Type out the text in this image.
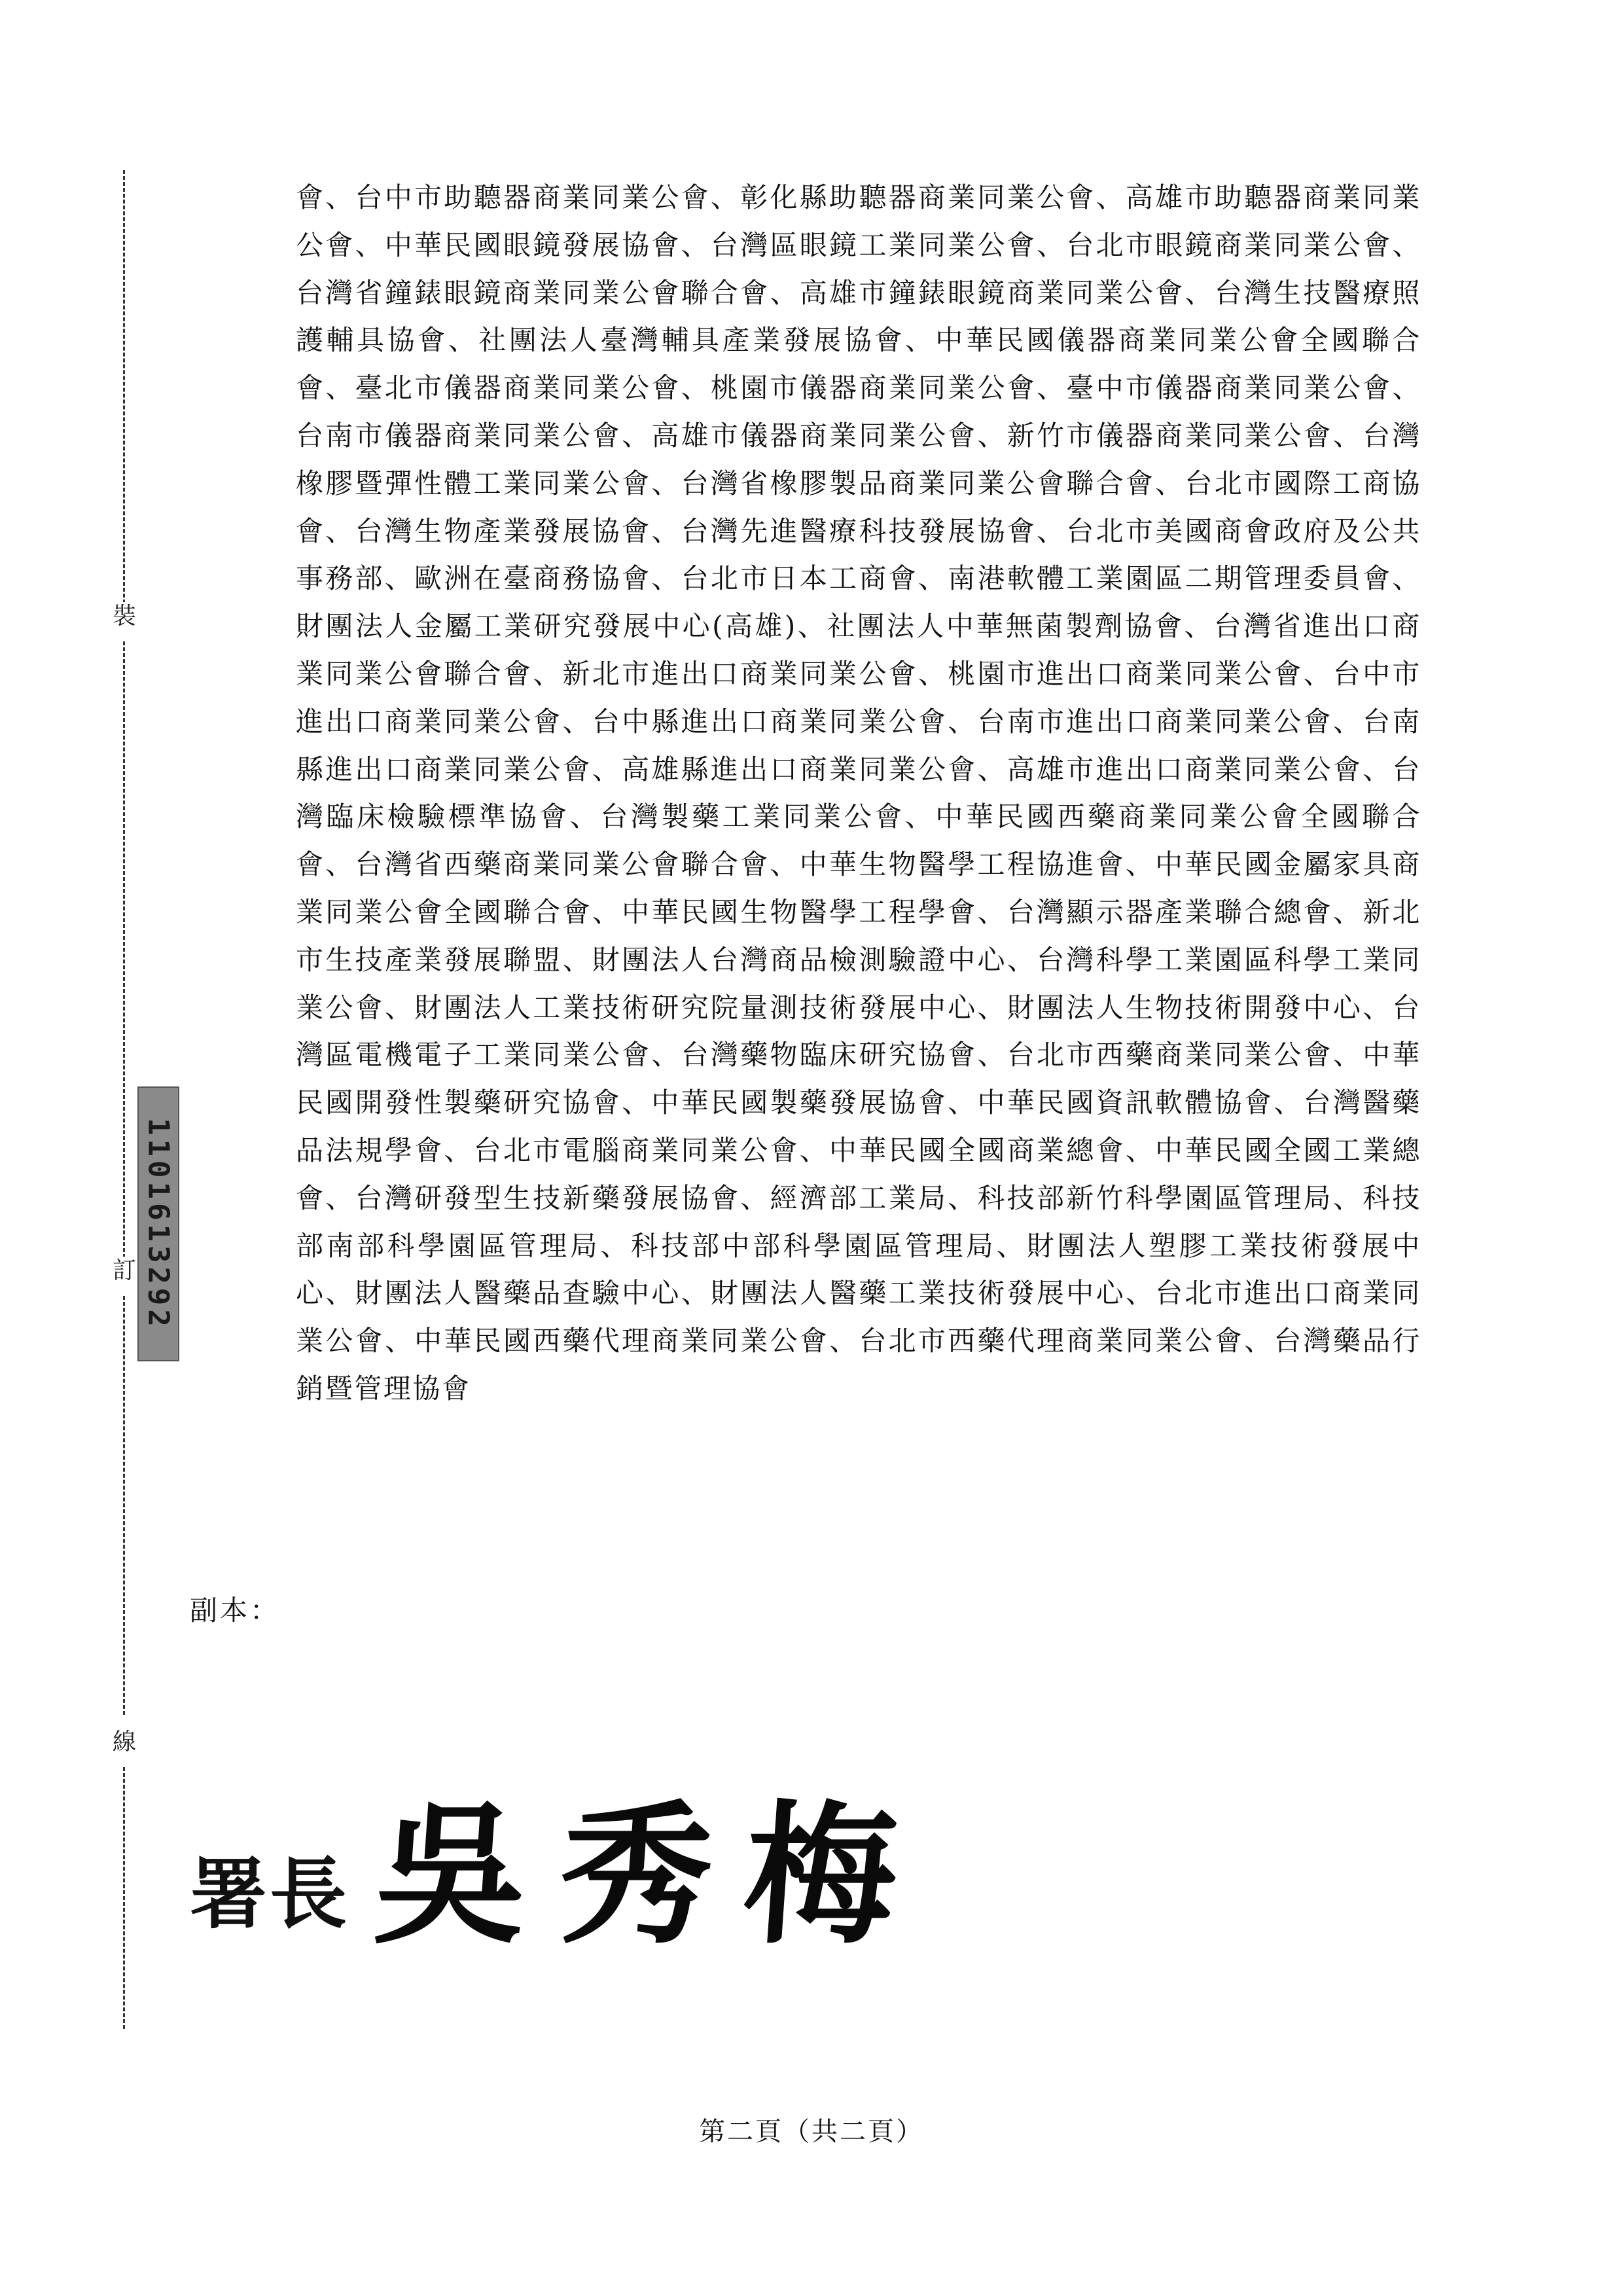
裝
訂
線
1101613292

會、台中市助聽器商業同業公會、彰化縣助聽器商業同業公會、高雄市助聽器商業同業公會、中華民國眼鏡發展協會、台灣區眼鏡工業同業公會、台北市眼鏡商業同業公會、台灣省鐘錶眼鏡商業同業公會聯合會、高雄市鐘錶眼鏡商業同業公會、台灣生技醫療照護輔具協會、社團法人臺灣輔具產業發展協會、中華民國儀器商業同業公會全國聯合會、臺北市儀器商業同業公會、桃園市儀器商業同業公會、臺中市儀器商業同業公會、台南市儀器商業同業公會、高雄市儀器商業同業公會、新竹市儀器商業同業公會、台灣橡膠暨彈性體工業同業公會、台灣省橡膠製品商業同業公會聯合會、台北市國際工商協會、台灣生物產業發展協會、台灣先進醫療科技發展協會、台北市美國商會政府及公共事務部、歐洲在臺商務協會、台北市日本工商會、南港軟體工業園區二期管理委員會、財團法人金屬工業研究發展中心(高雄)、社團法人中華無菌製劑協會、台灣省進出口商業同業公會聯合會、新北市進出口商業同業公會、桃園市進出口商業同業公會、台中市進出口商業同業公會、台中縣進出口商業同業公會、台南市進出口商業同業公會、台南縣進出口商業同業公會、高雄縣進出口商業同業公會、高雄市進出口商業同業公會、台灣臨床檢驗標準協會、台灣製藥工業同業公會、中華民國西藥商業同業公會全國聯合會、台灣省西藥商業同業公會聯合會、中華生物醫學工程協進會、中華民國金屬家具商業同業公會全國聯合會、中華民國生物醫學工程學會、台灣顯示器產業聯合總會、新北市生技產業發展聯盟、財團法人台灣商品檢測驗證中心、台灣科學工業園區科學工業同業公會、財團法人工業技術研究院量測技術發展中心、財團法人生物技術開發中心、台灣區電機電子工業同業公會、台灣藥物臨床研究協會、台北市西藥商業同業公會、中華民國開發性製藥研究協會、中華民國製藥發展協會、中華民國資訊軟體協會、台灣醫藥品法規學會、台北市電腦商業同業公會、中華民國全國商業總會、中華民國全國工業總會、台灣研發型生技新藥發展協會、經濟部工業局、科技部新竹科學園區管理局、科技部南部科學園區管理局、科技部中部科學園區管理局、財團法人塑膠工業技術發展中心、財團法人醫藥品查驗中心、財團法人醫藥工業技術發展中心、台北市進出口商業同業公會、中華民國西藥代理商業同業公會、台北市西藥代理商業同業公會、台灣藥品行銷暨管理協會

副本：

署長 吳秀梅

第二頁（共二頁）
